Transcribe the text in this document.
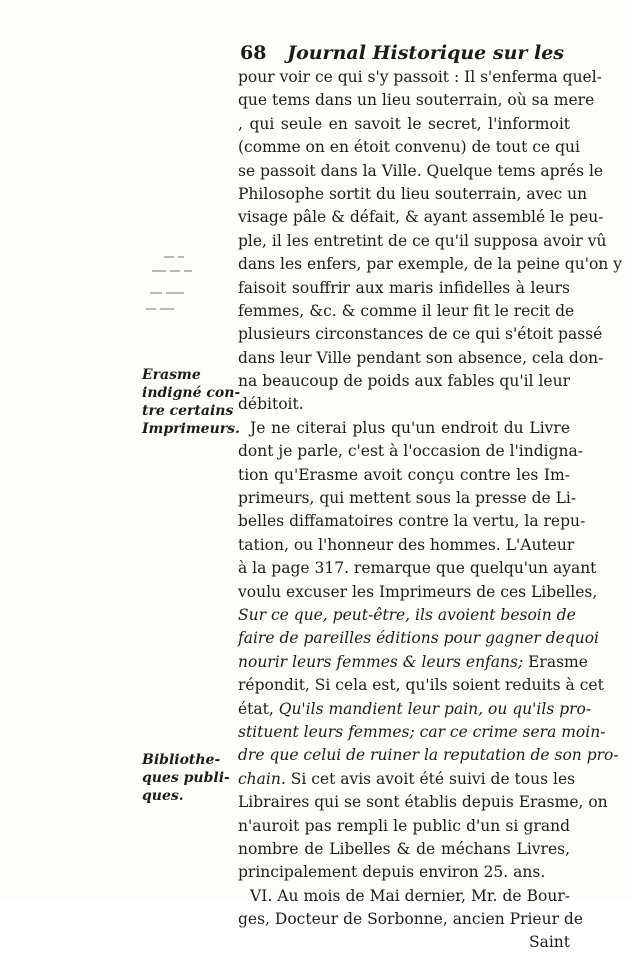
68 Journal Historique sur les
Erasme
indigné con-
tre certains
Imprimeurs.
Bibliothe-
ques publi-
ques.
pour voir ce qui s'y passoit : Il s'enferma quel-
que tems dans un lieu souterrain, où sa mere
, qui seule en savoit le secret, l'informoit
(comme on en étoit convenu) de tout ce qui
se passoit dans la Ville. Quelque tems aprés le
Philosophe sortit du lieu souterrain, avec un
visage pâle & défait, & ayant assemblé le peu-
ple, il les entretint de ce qu'il supposa avoir vû
dans les enfers, par exemple, de la peine qu'on y
faisoit souffrir aux maris infidelles à leurs
femmes, &c. & comme il leur fit le recit de
plusieurs circonstances de ce qui s'étoit passé
dans leur Ville pendant son absence, cela don-
na beaucoup de poids aux fables qu'il leur
débitoit.
Je ne citerai plus qu'un endroit du Livre
dont je parle, c'est à l'occasion de l'indigna-
tion qu'Erasme avoit conçu contre les Im-
primeurs, qui mettent sous la presse de Li-
belles diffamatoires contre la vertu, la repu-
tation, ou l'honneur des hommes. L'Auteur
à la page 317. remarque que quelqu'un ayant
voulu excuser les Imprimeurs de ces Libelles,
Sur ce que, peut-être, ils avoient besoin de
faire de pareilles éditions pour gagner dequoi
nourir leurs femmes & leurs enfans; Erasme
répondit, Si cela est, qu'ils soient reduits à cet
état, Qu'ils mandient leur pain, ou qu'ils pro-
stituent leurs femmes; car ce crime sera moin-
dre que celui de ruiner la reputation de son pro-
chain. Si cet avis avoit été suivi de tous les
Libraires qui se sont établis depuis Erasme, on
n'auroit pas rempli le public d'un si grand
nombre de Libelles & de méchans Livres,
principalement depuis environ 25. ans.
VI. Au mois de Mai dernier, Mr. de Bour-
ges, Docteur de Sorbonne, ancien Prieur de
Saint
